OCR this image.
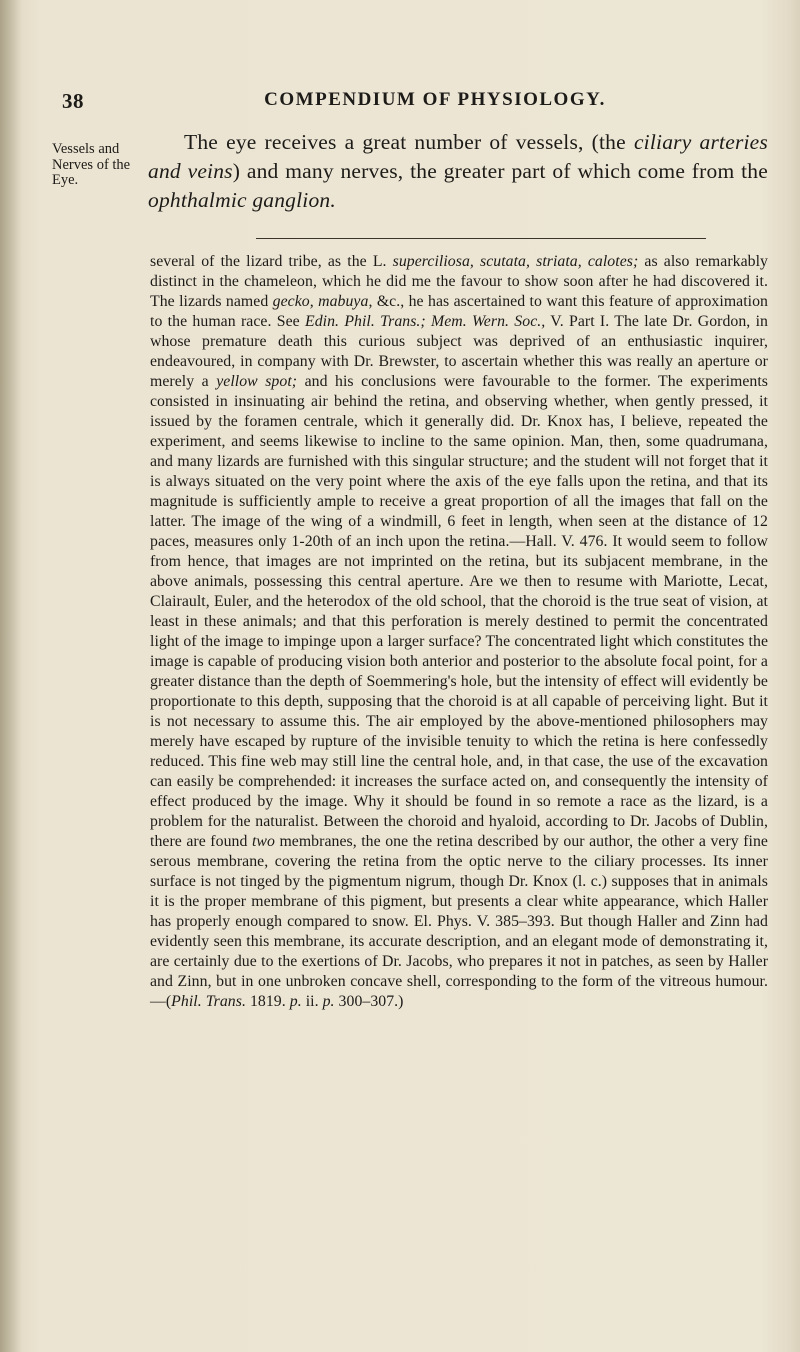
38	COMPENDIUM OF PHYSIOLOGY.
Vessels and Nerves of the Eye.

The eye receives a great number of vessels, (the ciliary arteries and veins) and many nerves, the greater part of which come from the ophthalmic ganglion.

several of the lizard tribe, as the L. superciliosa, scutata, striata, calotes; as also remarkably distinct in the chameleon, which he did me the favour to show soon after he had discovered it. The lizards named gecko, mabuya, &c., he has ascertained to want this feature of approximation to the human race. See Edin. Phil. Trans.; Mem. Wern. Soc., V. Part I. The late Dr. Gordon, in whose premature death this curious subject was deprived of an enthusiastic inquirer, endeavoured, in company with Dr. Brewster, to ascertain whether this was really an aperture or merely a yellow spot; and his conclusions were favourable to the former. The experiments consisted in insinuating air behind the retina, and observing whether, when gently pressed, it issued by the foramen centrale, which it generally did. Dr. Knox has, I believe, repeated the experiment, and seems likewise to incline to the same opinion. Man, then, some quadrumana, and many lizards are furnished with this singular structure; and the student will not forget that it is always situated on the very point where the axis of the eye falls upon the retina, and that its magnitude is sufficiently ample to receive a great proportion of all the images that fall on the latter. The image of the wing of a windmill, 6 feet in length, when seen at the distance of 12 paces, measures only 1-20th of an inch upon the retina.—Hall. V. 476. It would seem to follow from hence, that images are not imprinted on the retina, but its subjacent membrane, in the above animals, possessing this central aperture. Are we then to resume with Mariotte, Lecat, Clairault, Euler, and the heterodox of the old school, that the choroid is the true seat of vision, at least in these animals; and that this perforation is merely destined to permit the concentrated light of the image to impinge upon a larger surface? The concentrated light which constitutes the image is capable of producing vision both anterior and posterior to the absolute focal point, for a greater distance than the depth of Soemmering's hole, but the intensity of effect will evidently be proportionate to this depth, supposing that the choroid is at all capable of perceiving light. But it is not necessary to assume this. The air employed by the above-mentioned philosophers may merely have escaped by rupture of the invisible tenuity to which the retina is here confessedly reduced. This fine web may still line the central hole, and, in that case, the use of the excavation can easily be comprehended: it increases the surface acted on, and consequently the intensity of effect produced by the image. Why it should be found in so remote a race as the lizard, is a problem for the naturalist. Between the choroid and hyaloid, according to Dr. Jacobs of Dublin, there are found two membranes, the one the retina described by our author, the other a very fine serous membrane, covering the retina from the optic nerve to the ciliary processes. Its inner surface is not tinged by the pigmentum nigrum, though Dr. Knox (l. c.) supposes that in animals it is the proper membrane of this pigment, but presents a clear white appearance, which Haller has properly enough compared to snow. El. Phys. V. 385–393. But though Haller and Zinn had evidently seen this membrane, its accurate description, and an elegant mode of demonstrating it, are certainly due to the exertions of Dr. Jacobs, who prepares it not in patches, as seen by Haller and Zinn, but in one unbroken concave shell, corresponding to the form of the vitreous humour.—(Phil. Trans. 1819. p. ii. p. 300–307.)
